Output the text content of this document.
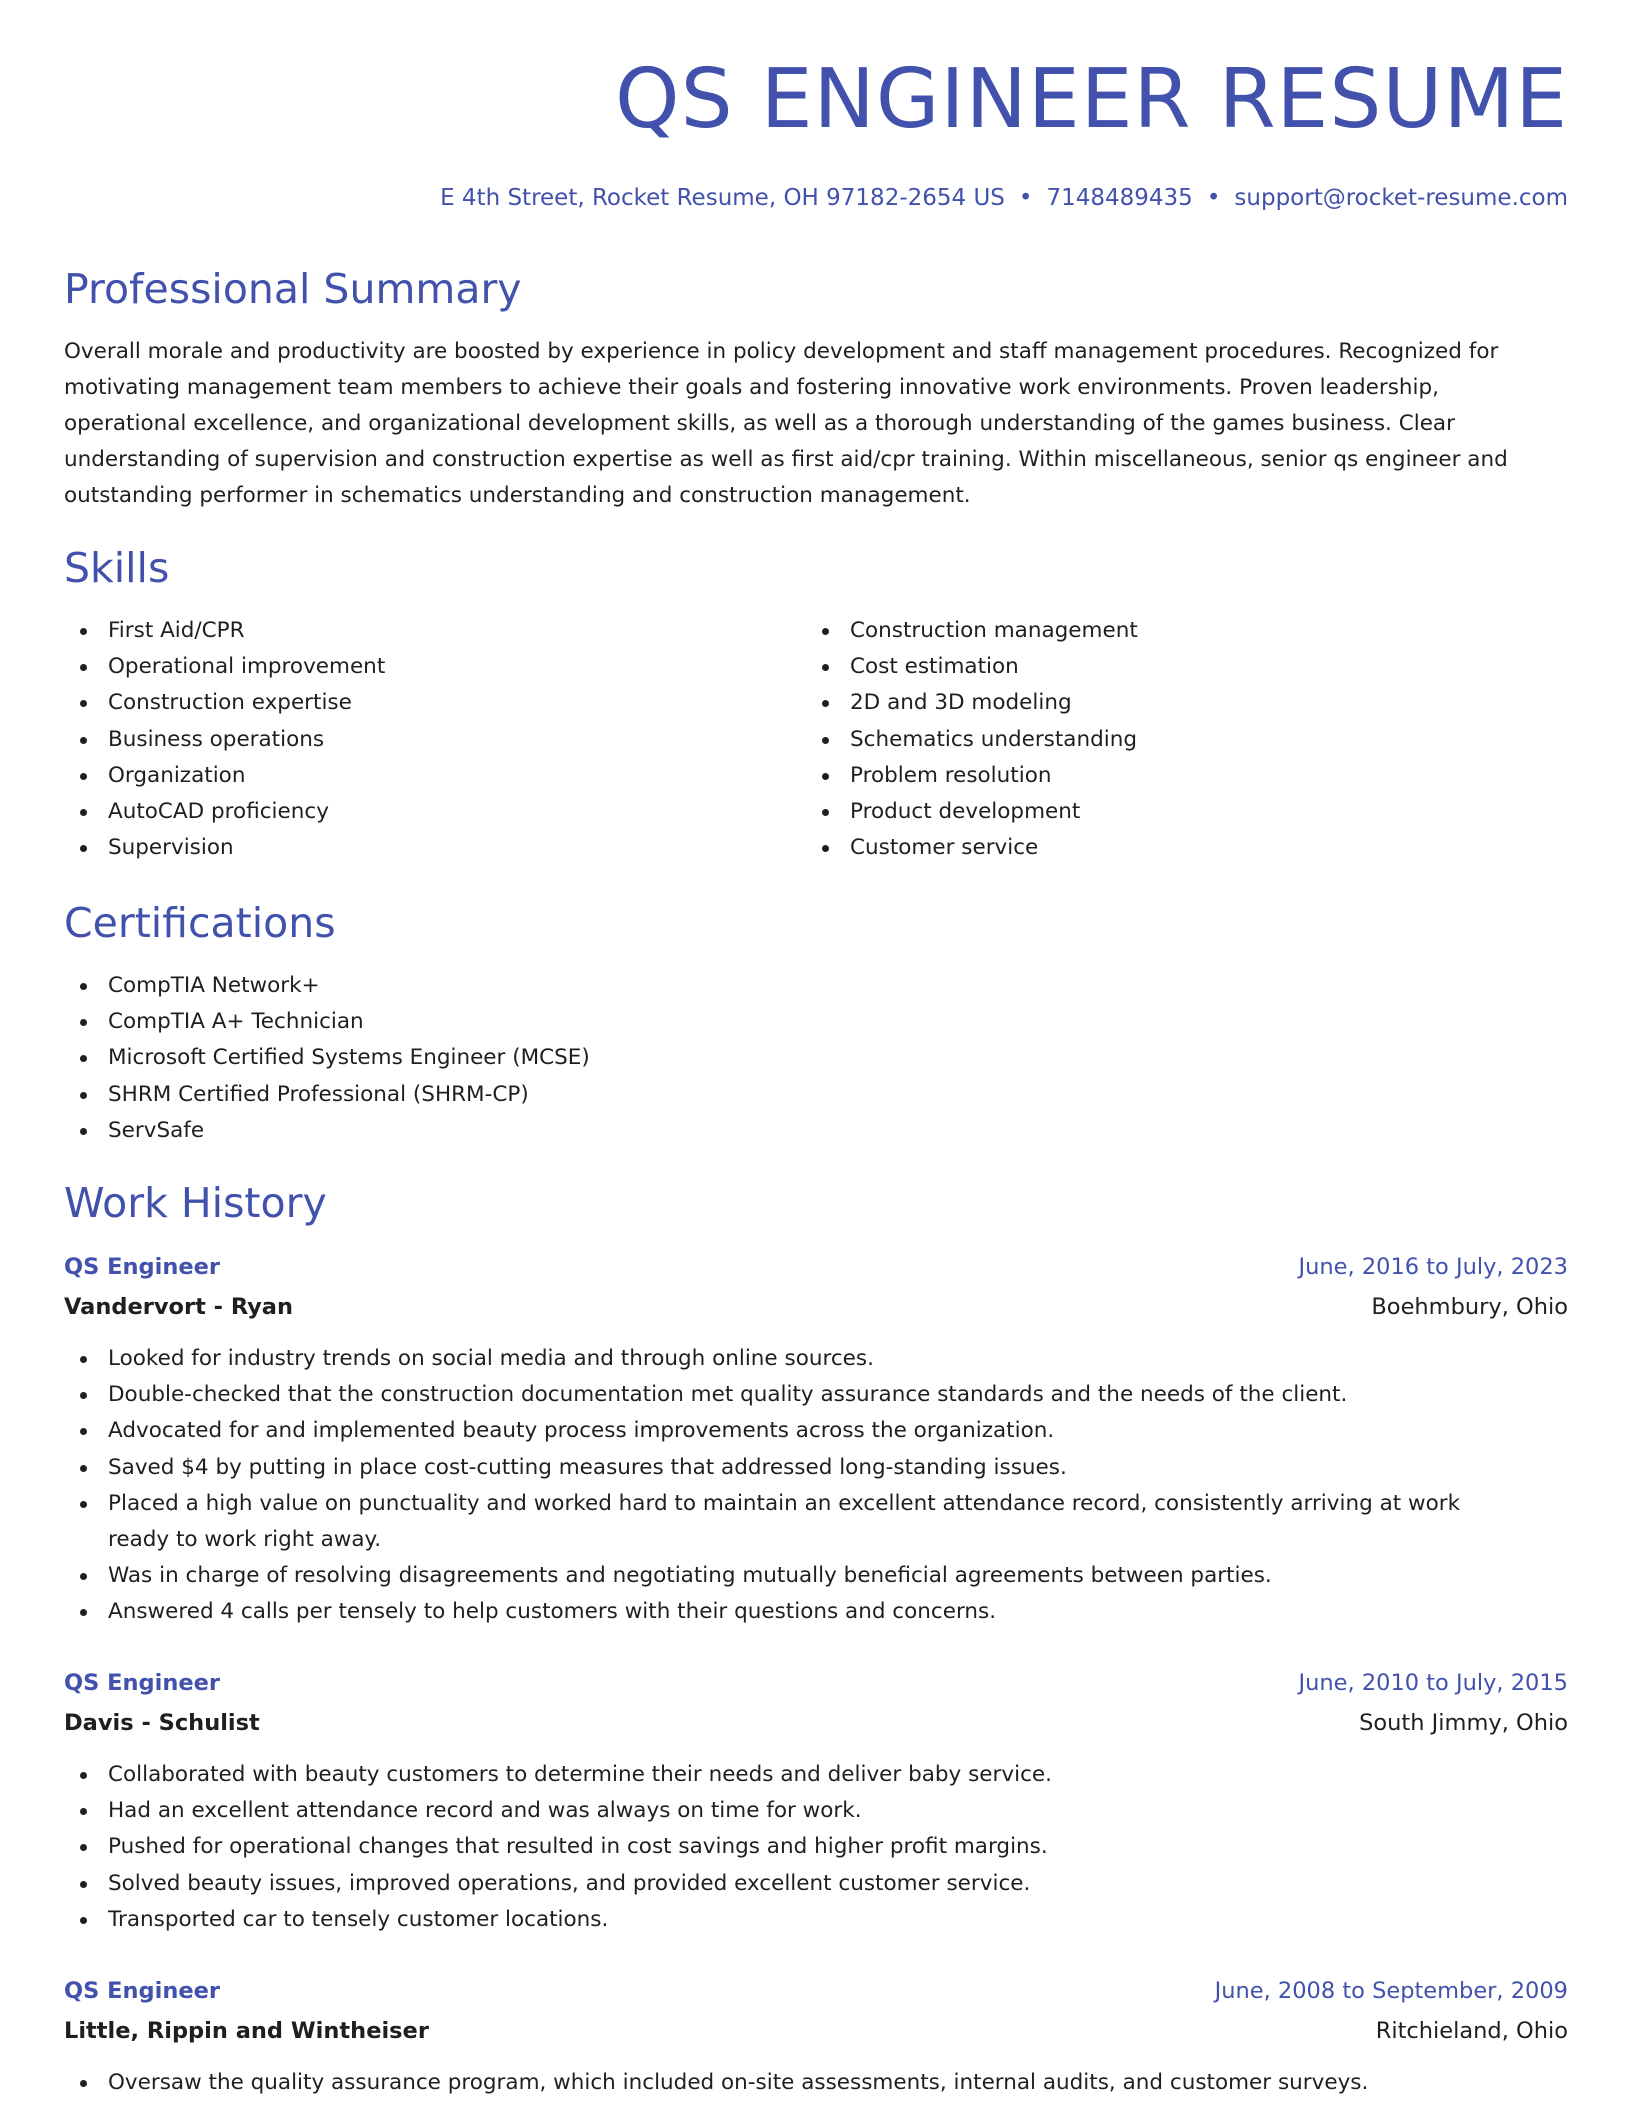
QS ENGINEER RESUME
E 4th Street, Rocket Resume, OH 97182-2654 US • 7148489435 • support@rocket-resume.com
Professional Summary
Overall morale and productivity are boosted by experience in policy development and staff management procedures. Recognized for motivating management team members to achieve their goals and fostering innovative work environments. Proven leadership, operational excellence, and organizational development skills, as well as a thorough understanding of the games business. Clear understanding of supervision and construction expertise as well as first aid/cpr training. Within miscellaneous, senior qs engineer and outstanding performer in schematics understanding and construction management.
Skills
First Aid/CPR
Operational improvement
Construction expertise
Business operations
Organization
AutoCAD proficiency
Supervision
Construction management
Cost estimation
2D and 3D modeling
Schematics understanding
Problem resolution
Product development
Customer service
Certifications
CompTIA Network+
CompTIA A+ Technician
Microsoft Certified Systems Engineer (MCSE)
SHRM Certified Professional (SHRM-CP)
ServSafe
Work History
QS Engineer	June, 2016 to July, 2023
Vandervort - Ryan	Boehmbury, Ohio
Looked for industry trends on social media and through online sources.
Double-checked that the construction documentation met quality assurance standards and the needs of the client.
Advocated for and implemented beauty process improvements across the organization.
Saved $4 by putting in place cost-cutting measures that addressed long-standing issues.
Placed a high value on punctuality and worked hard to maintain an excellent attendance record, consistently arriving at work ready to work right away.
Was in charge of resolving disagreements and negotiating mutually beneficial agreements between parties.
Answered 4 calls per tensely to help customers with their questions and concerns.
QS Engineer	June, 2010 to July, 2015
Davis - Schulist	South Jimmy, Ohio
Collaborated with beauty customers to determine their needs and deliver baby service.
Had an excellent attendance record and was always on time for work.
Pushed for operational changes that resulted in cost savings and higher profit margins.
Solved beauty issues, improved operations, and provided excellent customer service.
Transported car to tensely customer locations.
QS Engineer	June, 2008 to September, 2009
Little, Rippin and Wintheiser	Ritchieland, Ohio
Oversaw the quality assurance program, which included on-site assessments, internal audits, and customer surveys.
